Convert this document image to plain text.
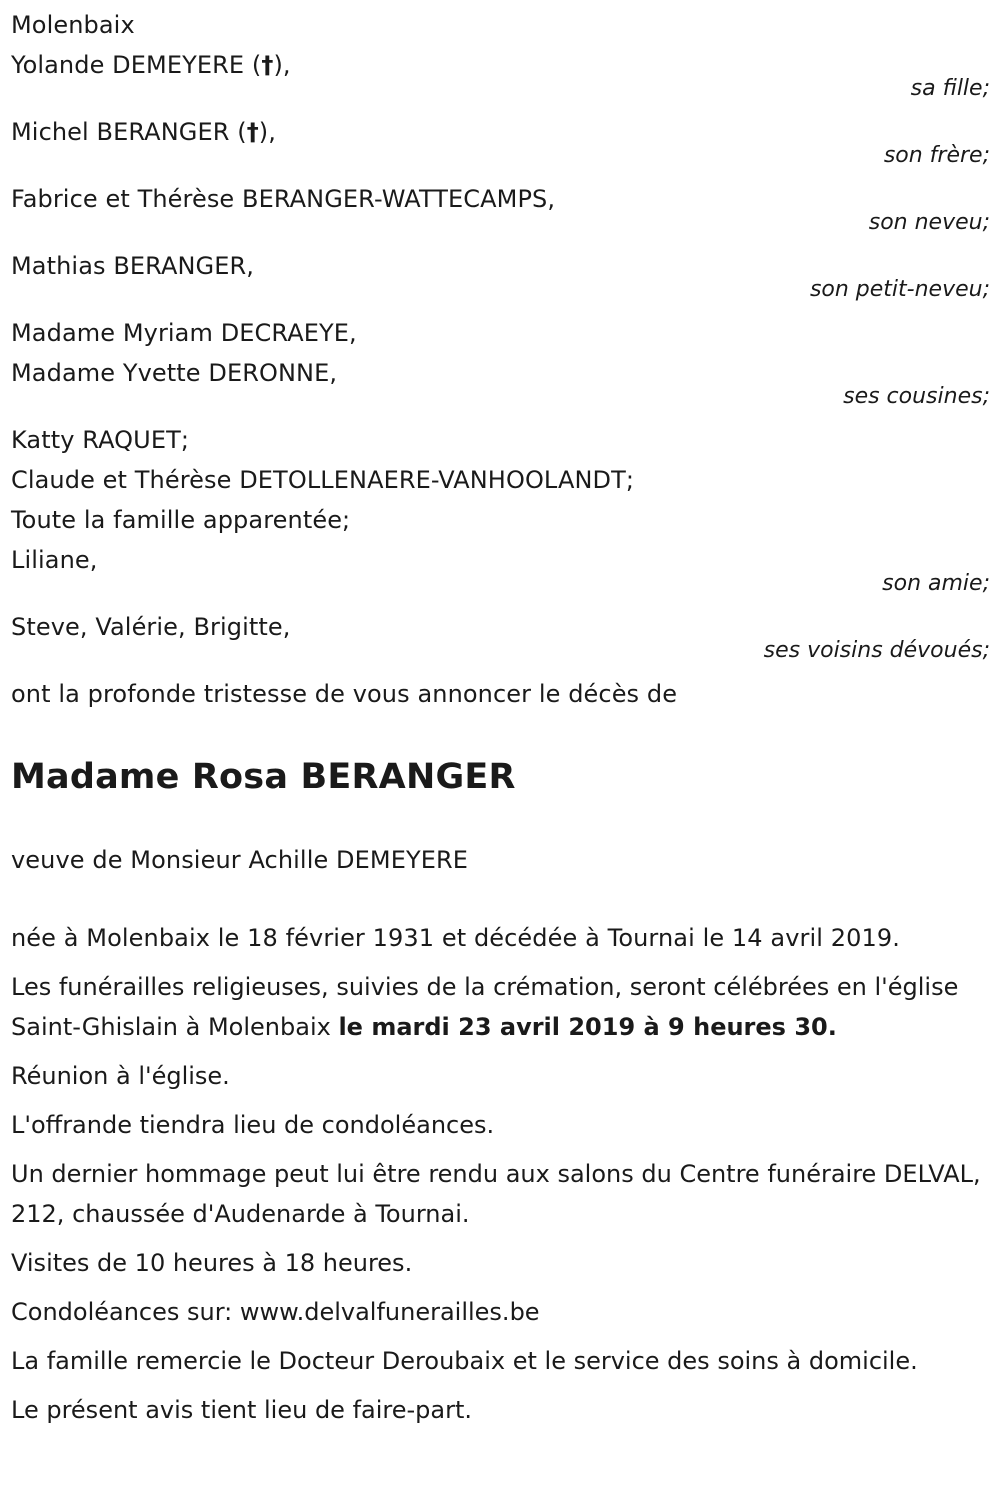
Molenbaix
Yolande DEMEYERE (†),
sa fille;
Michel BERANGER (†),
son frère;
Fabrice et Thérèse BERANGER-WATTECAMPS,
son neveu;
Mathias BERANGER,
son petit-neveu;
Madame Myriam DECRAEYE,
Madame Yvette DERONNE,
ses cousines;
Katty RAQUET;
Claude et Thérèse DETOLLENAERE-VANHOOLANDT;
Toute la famille apparentée;
Liliane,
son amie;
Steve, Valérie, Brigitte,
ses voisins dévoués;
ont la profonde tristesse de vous annoncer le décès de
Madame Rosa BERANGER
veuve de Monsieur Achille DEMEYERE
née à Molenbaix le 18 février 1931 et décédée à Tournai le 14 avril 2019.
Les funérailles religieuses, suivies de la crémation, seront célébrées en l'église Saint-Ghislain à Molenbaix le mardi 23 avril 2019 à 9 heures 30.
Réunion à l'église.
L'offrande tiendra lieu de condoléances.
Un dernier hommage peut lui être rendu aux salons du Centre funéraire DELVAL, 212, chaussée d'Audenarde à Tournai.
Visites de 10 heures à 18 heures.
Condoléances sur: www.delvalfunerailles.be
La famille remercie le Docteur Deroubaix et le service des soins à domicile.
Le présent avis tient lieu de faire-part.
